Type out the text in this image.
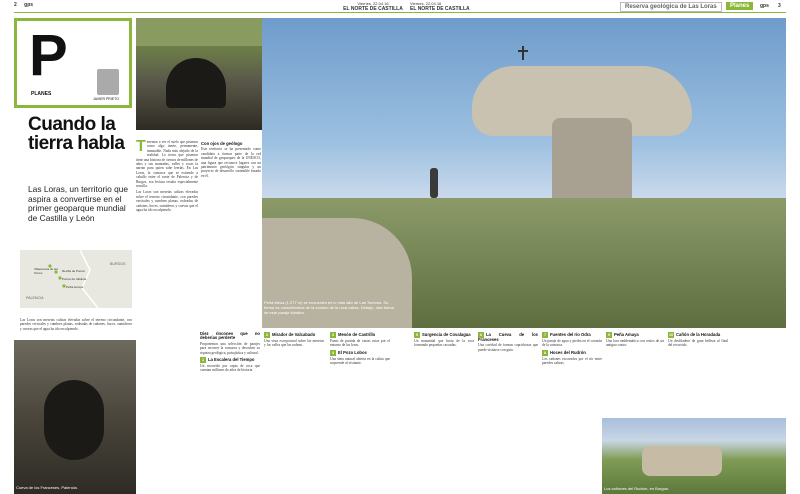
2 gps	Viernes, 22.04.16
EL NORTE DE CASTILLA
Viernes, 22.04.16
EL NORTE DE CASTILLA	Reserva geológica de Las Loras	Planes	gps 3
P
PLANES
JAVIER PRIETO
Cuando la tierra habla
Las Loras, un territorio que aspira a convertirse en el primer geoparque mundial de Castilla y León
BURGOS
PALENCIA
Villaescusa de las Torres	Revilla de Pomar
Pomar de Valdivia
Peña Amaya
Peña Mesa (1.277 m) se encuentra en lo más alto de Las Tuerces. Su forma es característica de la erosión de la roca caliza. Debajo, otra forma de este paraje kárstico.
T enemos a ver el suelo que pisamos como algo inerte, permanente, inmutable. Nada más alejado de la realidad. La tierra que pisamos tiene una historia de cientos de millones de años y sus montañas, valles y rocas la narran para quien sabe leerlas. En Las Loras, la comarca que se extiende a caballo entre el norte de Palencia y de Burgos, esa lectura resulta especialmente sencilla.

Las Loras son mesetas calizas elevadas sobre el terreno circundante, con paredes verticales y cumbres planas, rodeadas de cañones, hoces, sumideros y cuevas que el agua ha ido esculpiendo.

Con ojos de geólogo
Este territorio se ha presentado como candidato a formar parte de la red mundial de geoparques de la UNESCO, una figura que reconoce lugares con un patrimonio geológico singular y un proyecto de desarrollo sostenible basado en él.
Las Loras son mesetas calizas elevadas sobre el terreno circundante, con paredes verticales y cumbres planas, rodeadas de cañones, hoces, sumideros y cuevas que el agua ha ido esculpiendo.
Cueva de los Franceses, Palencia.
Diez rincones que no deberías perderte
Proponemos una selección de parajes para recorrer la comarca y descubrir su riqueza geológica, paisajística y cultural.
1 La Escalera del Tiempo
Un recorrido por capas de roca que cuentan millones de años de historia.
2 Mirador de Valcabado
Una vista excepcional sobre las mesetas y los valles que las rodean.
3 Mesón de Castrillo
Punto de partida de varias rutas por el entorno de las loras.
4 El Pozo Lobos
Una sima natural abierta en la caliza que sorprende al visitante.
5 Surgencia de Covalagua
Un manantial que brota de la roca formando pequeñas cascadas.
6 La Cueva de los Franceses
Una cavidad de formas caprichosas que puede visitarse con guía.
7 Fuentes del río Odra
Un paraje de agua y piedra en el corazón de la comarca.
8 Hoces del Rudrón
Los cañones excavados por el río entre paredes calizas.
9 Peña Amaya
Una lora emblemática con restos de un antiguo castro.
10 Cañón de la Horadada
Un desfiladero de gran belleza al final del recorrido.
Los cañones del Rudrón, en Burgos.
